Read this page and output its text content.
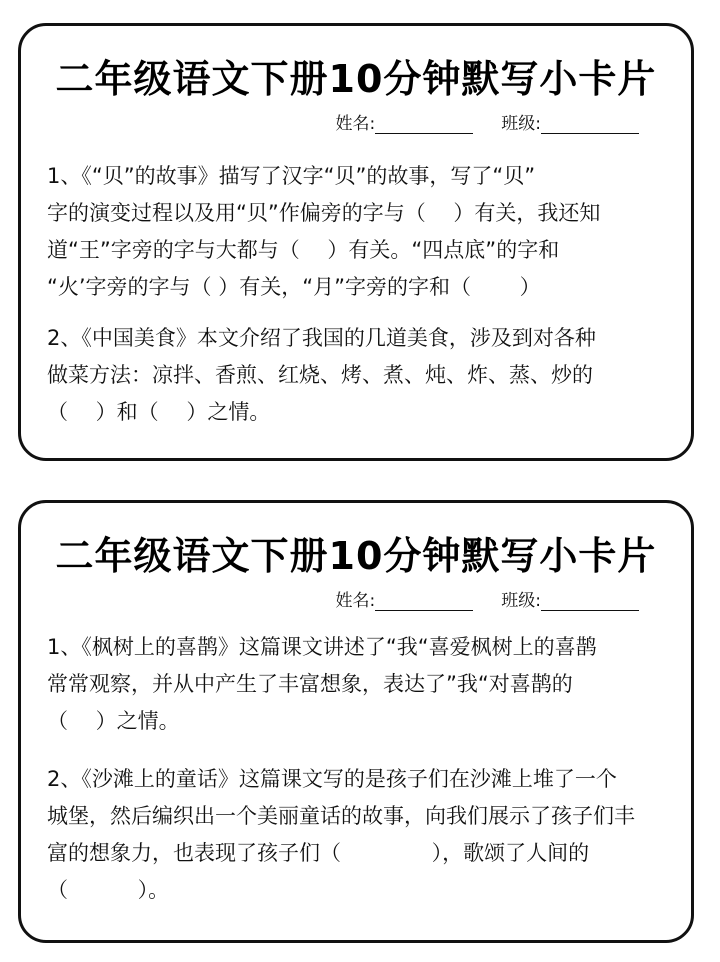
二年级语文下册10分钟默写小卡片
姓名:	班级:
1、《“贝”的故事》描写了汉字“贝”的故事，写了“贝”
字的演变过程以及用“贝”作偏旁的字与（　 ）有关，我还知
道“王”字旁的字与大都与（　 ）有关。“四点底”的字和
“火’字旁的字与（ ）有关，“月”字旁的字和（　　 ）
2、《中国美食》本文介绍了我国的几道美食，涉及到对各种
做菜方法：凉拌、香煎、红烧、烤、煮、炖、炸、蒸、炒的
（　 ）和（　 ）之情。
二年级语文下册10分钟默写小卡片
姓名:	班级:
1、《枫树上的喜鹊》这篇课文讲述了“我“喜爱枫树上的喜鹊
常常观察，并从中产生了丰富想象，表达了”我“对喜鹊的
（　 ）之情。
2、《沙滩上的童话》这篇课文写的是孩子们在沙滩上堆了一个
城堡，然后编织出一个美丽童话的故事，向我们展示了孩子们丰
富的想象力，也表现了孩子们（　　　　 ），歌颂了人间的
（　　　 ）。
